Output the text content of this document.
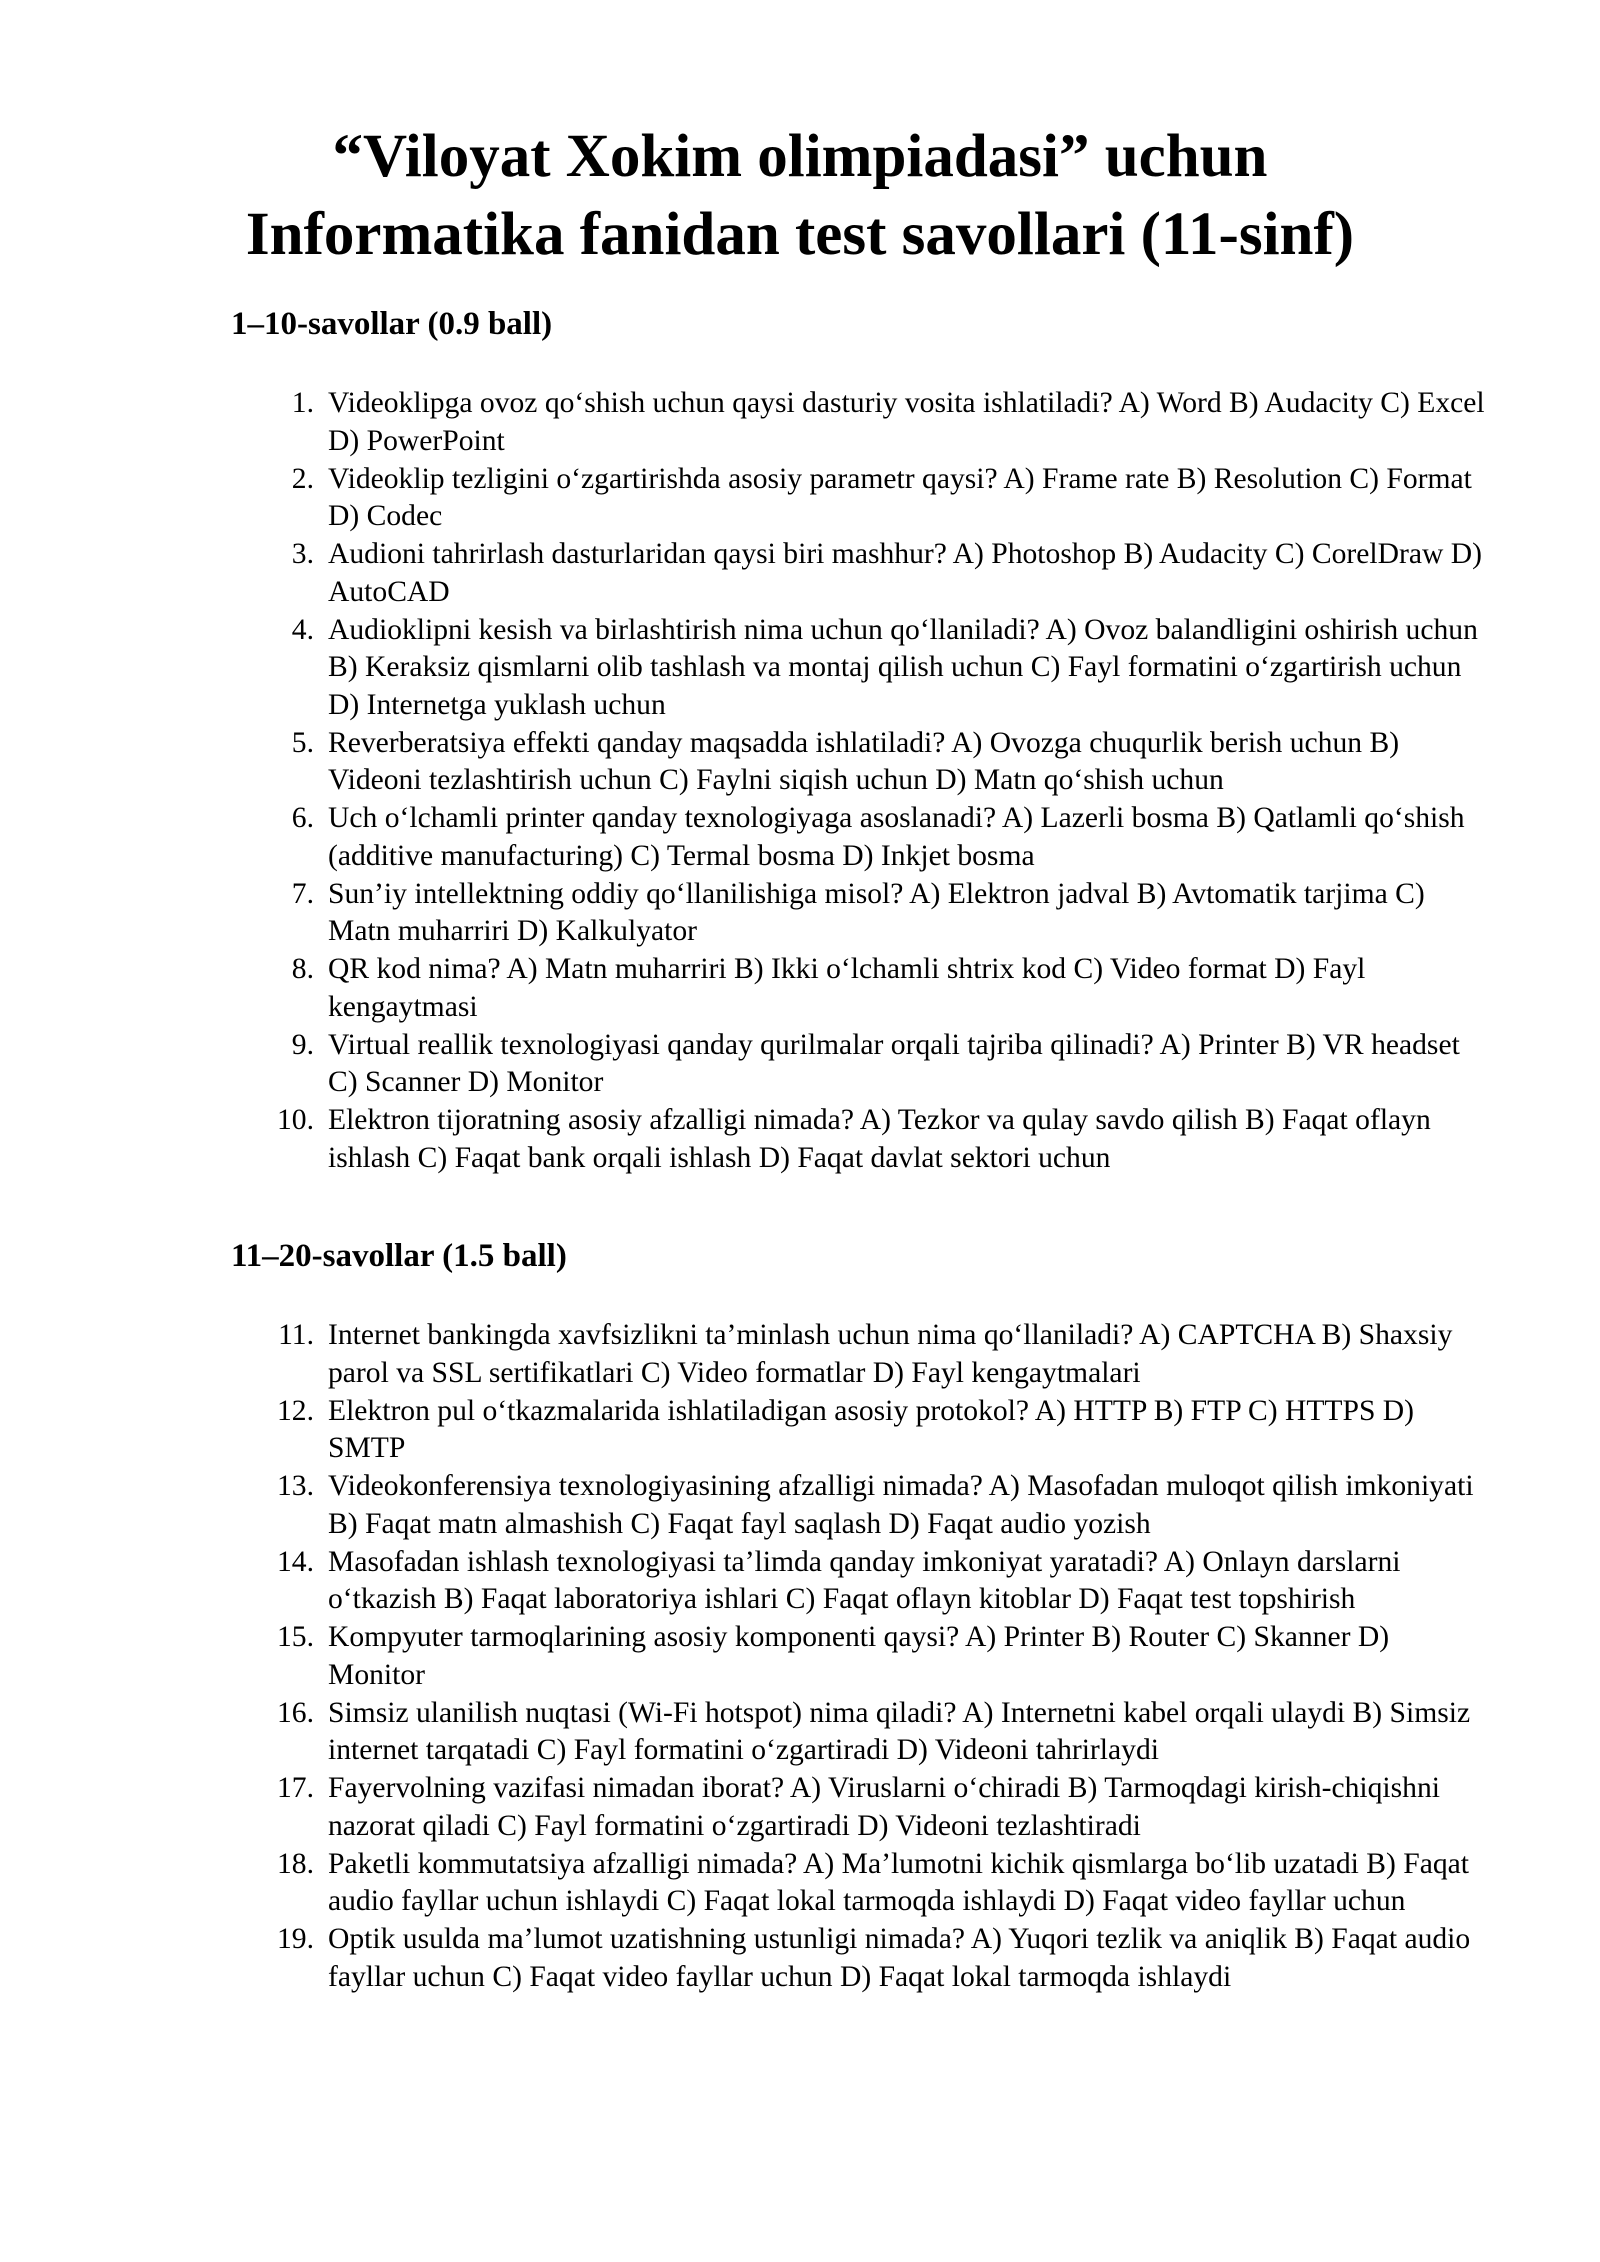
“Viloyat Xokim olimpiadasi” uchun
Informatika fanidan test savollari (11-sinf)
1–10-savollar (0.9 ball)
1. Videoklipga ovoz qo‘shish uchun qaysi dasturiy vosita ishlatiladi? A) Word B) Audacity C) Excel D) PowerPoint
2. Videoklip tezligini o‘zgartirishda asosiy parametr qaysi? A) Frame rate B) Resolution C) Format D) Codec
3. Audioni tahrirlash dasturlaridan qaysi biri mashhur? A) Photoshop B) Audacity C) CorelDraw D) AutoCAD
4. Audioklipni kesish va birlashtirish nima uchun qo‘llaniladi? A) Ovoz balandligini oshirish uchun B) Keraksiz qismlarni olib tashlash va montaj qilish uchun C) Fayl formatini o‘zgartirish uchun D) Internetga yuklash uchun
5. Reverberatsiya effekti qanday maqsadda ishlatiladi? A) Ovozga chuqurlik berish uchun B) Videoni tezlashtirish uchun C) Faylni siqish uchun D) Matn qo‘shish uchun
6. Uch o‘lchamli printer qanday texnologiyaga asoslanadi? A) Lazerli bosma B) Qatlamli qo‘shish (additive manufacturing) C) Termal bosma D) Inkjet bosma
7. Sun’iy intellektning oddiy qo‘llanilishiga misol? A) Elektron jadval B) Avtomatik tarjima C) Matn muharriri D) Kalkulyator
8. QR kod nima? A) Matn muharriri B) Ikki o‘lchamli shtrix kod C) Video format D) Fayl kengaytmasi
9. Virtual reallik texnologiyasi qanday qurilmalar orqali tajriba qilinadi? A) Printer B) VR headset C) Scanner D) Monitor
10. Elektron tijoratning asosiy afzalligi nimada? A) Tezkor va qulay savdo qilish B) Faqat oflayn ishlash C) Faqat bank orqali ishlash D) Faqat davlat sektori uchun
11–20-savollar (1.5 ball)
11. Internet bankingda xavfsizlikni ta’minlash uchun nima qo‘llaniladi? A) CAPTCHA B) Shaxsiy parol va SSL sertifikatlari C) Video formatlar D) Fayl kengaytmalari
12. Elektron pul o‘tkazmalarida ishlatiladigan asosiy protokol? A) HTTP B) FTP C) HTTPS D) SMTP
13. Videokonferensiya texnologiyasining afzalligi nimada? A) Masofadan muloqot qilish imkoniyati B) Faqat matn almashish C) Faqat fayl saqlash D) Faqat audio yozish
14. Masofadan ishlash texnologiyasi ta’limda qanday imkoniyat yaratadi? A) Onlayn darslarni o‘tkazish B) Faqat laboratoriya ishlari C) Faqat oflayn kitoblar D) Faqat test topshirish
15. Kompyuter tarmoqlarining asosiy komponenti qaysi? A) Printer B) Router C) Skanner D) Monitor
16. Simsiz ulanilish nuqtasi (Wi-Fi hotspot) nima qiladi? A) Internetni kabel orqali ulaydi B) Simsiz internet tarqatadi C) Fayl formatini o‘zgartiradi D) Videoni tahrirlaydi
17. Fayervolning vazifasi nimadan iborat? A) Viruslarni o‘chiradi B) Tarmoqdagi kirish-chiqishni nazorat qiladi C) Fayl formatini o‘zgartiradi D) Videoni tezlashtiradi
18. Paketli kommutatsiya afzalligi nimada? A) Ma’lumotni kichik qismlarga bo‘lib uzatadi B) Faqat audio fayllar uchun ishlaydi C) Faqat lokal tarmoqda ishlaydi D) Faqat video fayllar uchun
19. Optik usulda ma’lumot uzatishning ustunligi nimada? A) Yuqori tezlik va aniqlik B) Faqat audio fayllar uchun C) Faqat video fayllar uchun D) Faqat lokal tarmoqda ishlaydi
